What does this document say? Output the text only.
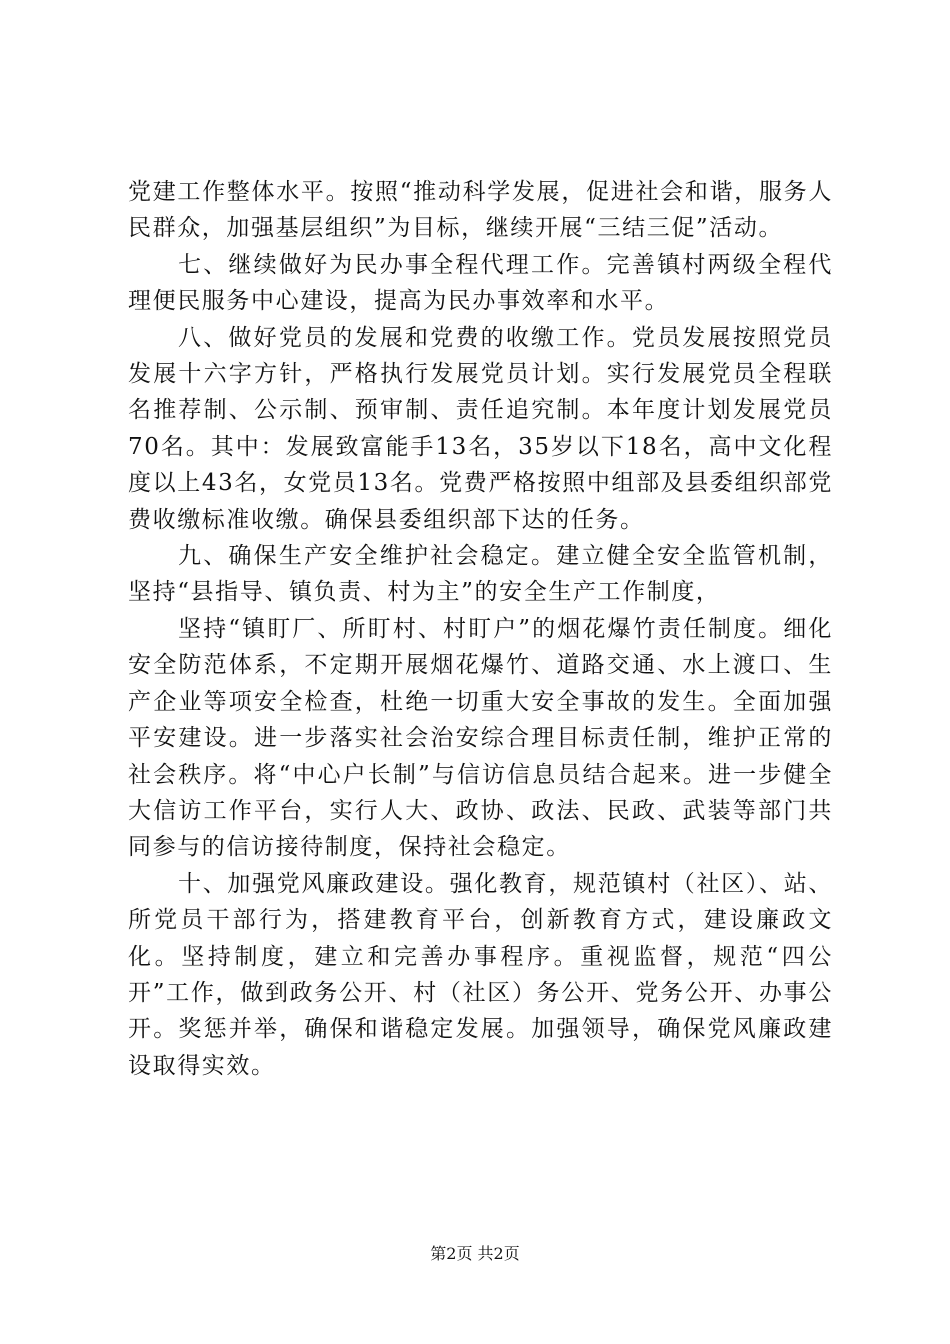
党建工作整体水平。按照“推动科学发展，促进社会和谐，服务人民群众，加强基层组织”为目标，继续开展“三结三促”活动。

七、继续做好为民办事全程代理工作。完善镇村两级全程代理便民服务中心建设，提高为民办事效率和水平。

八、做好党员的发展和党费的收缴工作。党员发展按照党员发展十六字方针，严格执行发展党员计划。实行发展党员全程联名推荐制、公示制、预审制、责任追究制。本年度计划发展党员70名。其中：发展致富能手13名，35岁以下18名，高中文化程度以上43名，女党员13名。党费严格按照中组部及县委组织部党费收缴标准收缴。确保县委组织部下达的任务。

九、确保生产安全维护社会稳定。建立健全安全监管机制，坚持“县指导、镇负责、村为主”的安全生产工作制度，

坚持“镇盯厂、所盯村、村盯户”的烟花爆竹责任制度。细化安全防范体系，不定期开展烟花爆竹、道路交通、水上渡口、生产企业等项安全检查，杜绝一切重大安全事故的发生。全面加强平安建设。进一步落实社会治安综合理目标责任制，维护正常的社会秩序。将“中心户长制”与信访信息员结合起来。进一步健全大信访工作平台，实行人大、政协、政法、民政、武装等部门共同参与的信访接待制度，保持社会稳定。

十、加强党风廉政建设。强化教育，规范镇村（社区）、站、所党员干部行为，搭建教育平台，创新教育方式，建设廉政文化。坚持制度，建立和完善办事程序。重视监督，规范“四公开”工作，做到政务公开、村（社区）务公开、党务公开、办事公开。奖惩并举，确保和谐稳定发展。加强领导，确保党风廉政建设取得实效。

第2页 共2页
